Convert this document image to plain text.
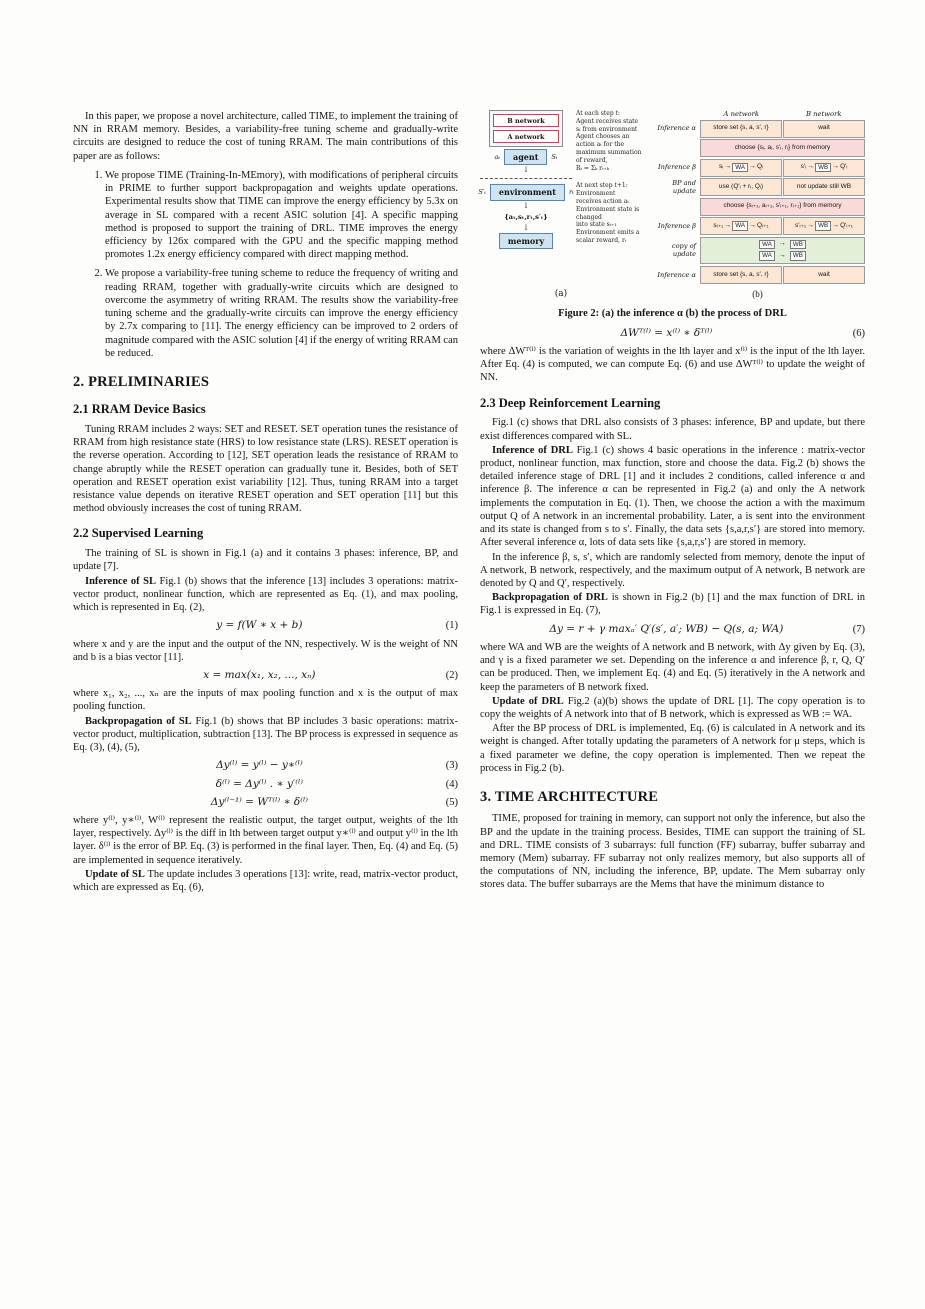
In this paper, we propose a novel architecture, called TIME, to implement the training of NN in RRAM memory. Besides, a variability-free tuning scheme and gradually-write circuits are designed to reduce the cost of tuning RRAM. The main contributions of this paper are as follows:

1. We propose TIME (Training-In-MEmory), with modifications of peripheral circuits in PRIME to further support backpropagation and weights update operations. Experimental results show that TIME can improve the energy efficiency by 5.3x on average in SL compared with a recent ASIC solution [4]. A specific mapping method is proposed to support the training of DRL. TIME improves the energy efficiency by 126x compared with the GPU and the specific mapping method promotes 1.2x energy efficiency compared with direct mapping method.
2. We propose a variability-free tuning scheme to reduce the frequency of writing and reading RRAM, together with gradually-write circuits which are designed to overcome the asymmetry of writing RRAM. The results show the variability-free tuning scheme and the gradually-write circuits can improve the energy efficiency by 2.7x comparing to [11]. The energy efficiency can be improved to 2 orders of magnitude compared with the ASIC solution [4] if the energy of writing RRAM can be reduced.
2. PRELIMINARIES
2.1 RRAM Device Basics

Tuning RRAM includes 2 ways: SET and RESET. SET operation tunes the resistance of RRAM from high resistance state (HRS) to low resistance state (LRS). RESET operation is the reverse operation. According to [12], SET operation leads the resistance of RRAM to change abruptly while the RESET operation can gradually tune it. Besides, both of SET operation and RESET operation exist variability [12]. Thus, tuning RRAM into a target resistance value depends on iterative RESET operation and SET operation [11] but this method obviously increases the cost of tuning RRAM.

2.2 Supervised Learning

The training of SL is shown in Fig.1 (a) and it contains 3 phases: inference, BP, and update [7].

Inference of SL Fig.1 (b) shows that the inference [13] includes 3 operations: matrix-vector product, nonlinear function, which are represented as Eq. (1), and max pooling, which is represented in Eq. (2),

y = f(W ∗ x + b)	(1)

where x and y are the input and the output of the NN, respectively. W is the weight of NN and b is a bias vector [11].

x = max(x₁, x₂, ..., xₙ)	(2)

where x₁, x₂, ..., xₙ are the inputs of max pooling function and x is the output of max pooling function.

Backpropagation of SL Fig.1 (b) shows that BP includes 3 basic operations: matrix-vector product, multiplication, subtraction [13]. The BP process is expressed in sequence as Eq. (3), (4), (5),

Δy⁽ˡ⁾ = y⁽ˡ⁾ − y∗⁽ˡ⁾	(3)
δ⁽ˡ⁾ = Δy⁽ˡ⁾ . ∗ y′⁽ˡ⁾	(4)
Δy⁽ˡ⁻¹⁾ = Wᵀ⁽ˡ⁾ ∗ δ⁽ˡ⁾	(5)

where y⁽ˡ⁾, y∗⁽ˡ⁾, W⁽ˡ⁾ represent the realistic output, the target output, weights of the lth layer, respectively. Δy⁽ˡ⁾ is the diff in lth between target output y∗⁽ˡ⁾ and output y⁽ˡ⁾ in the lth layer. δ⁽ˡ⁾ is the error of BP. Eq. (3) is performed in the final layer. Then, Eq. (4) and Eq. (5) are implemented in sequence iteratively.

Update of SL The update includes 3 operations [13]: write, read, matrix-vector product, which are expressed as Eq. (6),

B network
A network
aₜ	agent	Sₜ
↓
S′ₜ	environment	rₜ
↓
{aₜ,sₜ,rₜ,s′ₜ}
↓
memory
At each step t:
Agent receives state sₜ from environment
Agent chooses an action aₜ for the
maximum summation of reward,
Rₜ = Σₖ rₜ₊ₖ
At next step t+1:
Environment receives action aₜ
Environment state is changed
into state sₜ₊₁
Environment emits a scalar reward, rₜ
(a)
A network	B network
Inference α	store set {s, a, s′, r}	wait
choose {sᵢ, aᵢ, s′ᵢ, rᵢ} from memory
Inference β	sᵢ → WA → Qᵢ	s′ᵢ → WB → Q′ᵢ
BP and update
use (Q′ᵢ + rᵢ, Qᵢ)	not update still WB
choose {sᵢ₊₁, aᵢ₊₁, s′ᵢ₊₁, rᵢ₊₁} from memory
Inference β	sᵢ₊₁ → WA → Qᵢ₊₁	s′ᵢ₊₁ → WB → Q′ᵢ₊₁
copy of update
WA	→	WB
WA	→	WB
Inference α	store set {s, a, s′, r}	wait
(b)
Figure 2: (a) the inference α (b) the process of DRL
ΔWᵀ⁽ˡ⁾ = x⁽ˡ⁾ ∗ δᵀ⁽ˡ⁾	(6)

where ΔWᵀ⁽ˡ⁾ is the variation of weights in the lth layer and x⁽ˡ⁾ is the input of the lth layer. After Eq. (4) is computed, we can compute Eq. (6) and use ΔWᵀ⁽ˡ⁾ to update the weight of NN.

2.3 Deep Reinforcement Learning

Fig.1 (c) shows that DRL also consists of 3 phases: inference, BP and update, but there exist differences compared with SL.

Inference of DRL Fig.1 (c) shows 4 basic operations in the inference : matrix-vector product, nonlinear function, max function, store and choose the data. Fig.2 (b) shows the detailed inference stage of DRL [1] and it includes 2 conditions, called inference α and inference β. The inference α can be represented in Fig.2 (a) and only the A network implements the computation in Eq. (1). Then, we choose the action a with the maximum output Q of A network in an incremental probability. Later, a is sent into the environment and its state is changed from s to s′. Finally, the data sets {s,a,r,s′} are stored into memory. After several inference α, lots of data sets like {s,a,r,s′} are stored in memory.

In the inference β, s, s′, which are randomly selected from memory, denote the input of A network, B network, respectively, and the maximum output of A network, B network are denoted by Q and Q′, respectively.

Backpropagation of DRL is shown in Fig.2 (b) [1] and the max function of DRL in Fig.1 is expressed in Eq. (7),

Δy = r + γ maxₐ′ Q′(s′, a′; WB) − Q(s, a; WA)	(7)

where WA and WB are the weights of A network and B network, with Δy given by Eq. (3), and γ is a fixed parameter we set. Depending on the inference α and inference β, r, Q, Q′ can be produced. Then, we implement Eq. (4) and Eq. (5) iteratively in the A network and keep the parameters of B network fixed.

Update of DRL Fig.2 (a)(b) shows the update of DRL [1]. The copy operation is to copy the weights of A network into that of B network, which is expressed as WB := WA.

After the BP process of DRL is implemented, Eq. (6) is calculated in A network and its weight is changed. After totally updating the parameters of A network for μ steps, which is a fixed parameter we define, the copy operation is implemented. Then we repeat the process in Fig.2 (b).

3. TIME ARCHITECTURE

TIME, proposed for training in memory, can support not only the inference, but also the BP and the update in the training process. Besides, TIME can support the training of SL and DRL. TIME consists of 3 subarrays: full function (FF) subarray, buffer subarray and memory (Mem) subarray. FF subarray not only realizes memory, but also supports all of the computations of NN, including the inference, BP, update. The Mem subarray only stores data. The buffer subarrays are the Mems that have the minimum distance to
